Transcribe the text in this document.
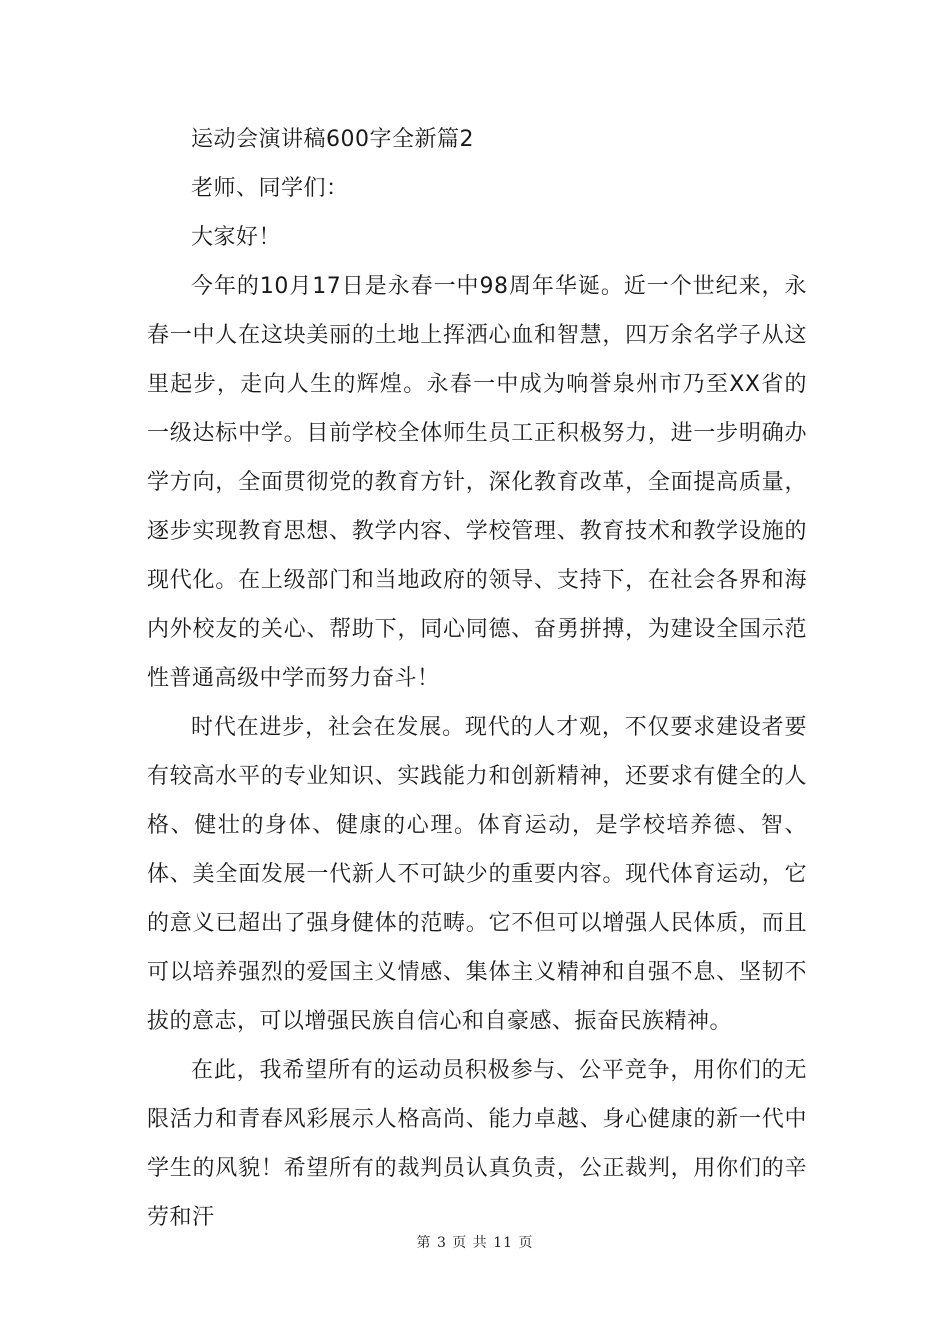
运动会演讲稿600字全新篇2

老师、同学们：

大家好！

今年的10月17日是永春一中98周年华诞。近一个世纪来，永春一中人在这块美丽的土地上挥洒心血和智慧，四万余名学子从这里起步，走向人生的辉煌。永春一中成为响誉泉州市乃至XX省的一级达标中学。目前学校全体师生员工正积极努力，进一步明确办学方向，全面贯彻党的教育方针，深化教育改革，全面提高质量，逐步实现教育思想、教学内容、学校管理、教育技术和教学设施的现代化。在上级部门和当地政府的领导、支持下，在社会各界和海内外校友的关心、帮助下，同心同德、奋勇拼搏，为建设全国示范性普通高级中学而努力奋斗！

时代在进步，社会在发展。现代的人才观，不仅要求建设者要有较高水平的专业知识、实践能力和创新精神，还要求有健全的人格、健壮的身体、健康的心理。体育运动，是学校培养德、智、体、美全面发展一代新人不可缺少的重要内容。现代体育运动，它的意义已超出了强身健体的范畴。它不但可以增强人民体质，而且可以培养强烈的爱国主义情感、集体主义精神和自强不息、坚韧不拔的意志，可以增强民族自信心和自豪感、振奋民族精神。

在此，我希望所有的运动员积极参与、公平竞争，用你们的无限活力和青春风彩展示人格高尚、能力卓越、身心健康的新一代中学生的风貌！希望所有的裁判员认真负责，公正裁判，用你们的辛劳和汗

第 3 页 共 11 页
